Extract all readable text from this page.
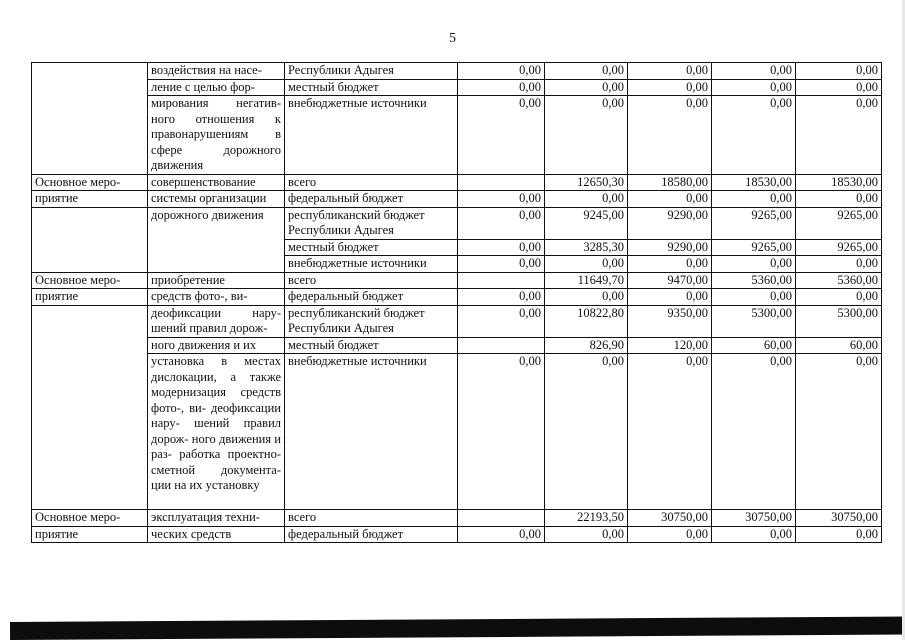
5
	воздействия на насе-	Республики Адыгея	0,00	0,00	0,00	0,00	0,00
	ление с целью фор-	местный бюджет	0,00	0,00	0,00	0,00	0,00
	мирования негатив- ного отношения к правонарушениям в сфере дорожного движения	внебюджетные источники	0,00	0,00	0,00	0,00	0,00
Основное меро-	совершенствование	всего		12650,30	18580,00	18530,00	18530,00
приятие	системы организации	федеральный бюджет	0,00	0,00	0,00	0,00	0,00
	дорожного движения	республиканский бюджет Республики Адыгея	0,00	9245,00	9290,00	9265,00	9265,00
		местный бюджет	0,00	3285,30	9290,00	9265,00	9265,00
		внебюджетные источники	0,00	0,00	0,00	0,00	0,00
Основное меро-	приобретение	всего		11649,70	9470,00	5360,00	5360,00
приятие	средств фото-, ви-	федеральный бюджет	0,00	0,00	0,00	0,00	0,00
	деофиксации нару- шений правил дорож-	республиканский бюджет Республики Адыгея	0,00	10822,80	9350,00	5300,00	5300,00
	ного движения и их	местный бюджет		826,90	120,00	60,00	60,00
	установка в местах дислокации, а также модернизация средств фото-, ви- деофиксации нару- шений правил дорож- ного движения и раз- работка проектно- сметной документа- ции на их установку	внебюджетные источники	0,00	0,00	0,00	0,00	0,00
Основное меро-	эксплуатация техни-	всего		22193,50	30750,00	30750,00	30750,00
приятие	ческих средств	федеральный бюджет	0,00	0,00	0,00	0,00	0,00
